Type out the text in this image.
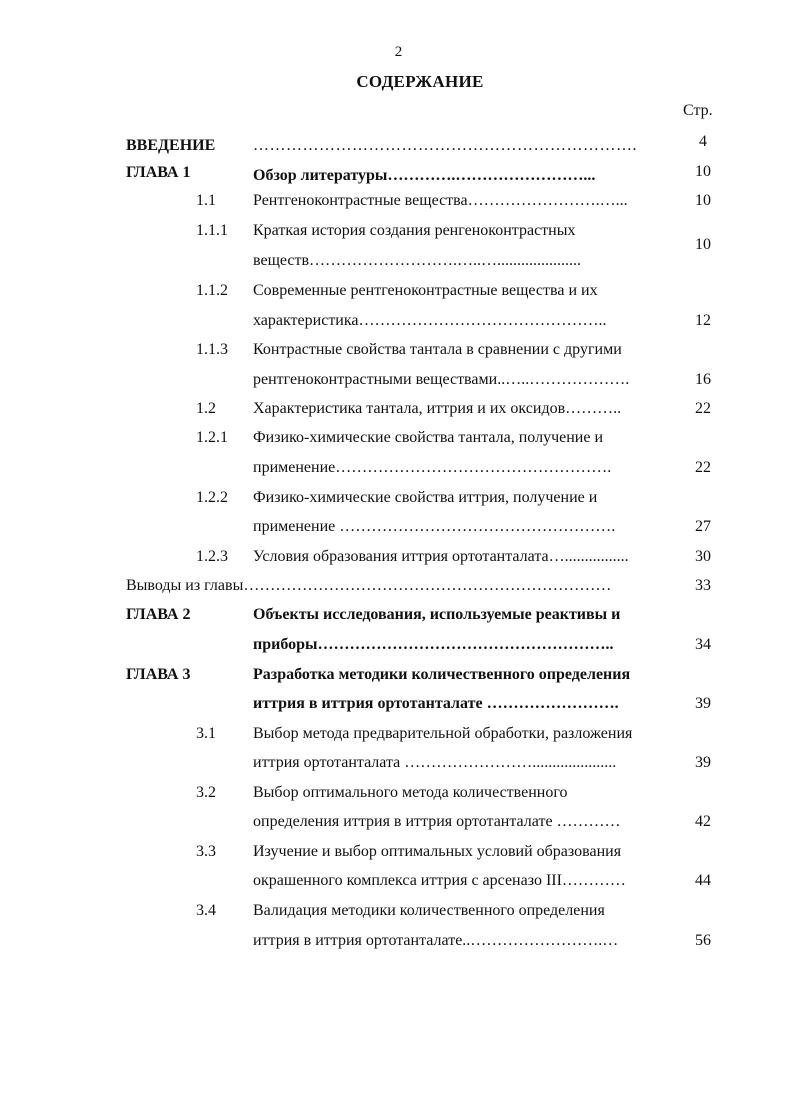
2
СОДЕРЖАНИЕ
Стр.
ВВЕДЕНИЕ …………………………………………………………….	4
ГЛАВА 1	Обзор литературы………….……………………...	10
1.1 Рентгеноконтрастные вещества…………………….…...	10
1.1.1 Краткая история создания ренгеноконтрастных
веществ……………………….…..….....................
10
1.1.2 Современные рентгеноконтрастные вещества и их
характеристика………………………………………..	12
1.1.3 Контрастные свойства тантала в сравнении с другими
рентгеноконтрастными веществами..…..……………….	16
1.2 Характеристика тантала, иттрия и их оксидов………..	22
1.2.1 Физико-химические свойства тантала, получение и
применение…………………………………………….	22
1.2.2 Физико-химические свойства иттрия, получение и
применение …………………………………………….	27
1.2.3 Условия образования иттрия ортотанталата…................	30
Выводы из главы……………………………………………………………	33
ГЛАВА 2	Объекты исследования, используемые реактивы и
приборы………………………………………………..	34
ГЛАВА 3	Разработка методики количественного определения
иттрия в иттрия ортотанталате …………………….	39
3.1 Выбор метода предварительной обработки, разложения
иттрия ортотанталата …………………….....................	39
3.2 Выбор оптимального метода количественного
определения иттрия в иттрия ортотанталате …………	42
3.3 Изучение и выбор оптимальных условий образования
окрашенного комплекса иттрия с арсеназо III…………	44
3.4 Валидация методики количественного определения
иттрия в иттрия ортотанталате..…………………….…	56
